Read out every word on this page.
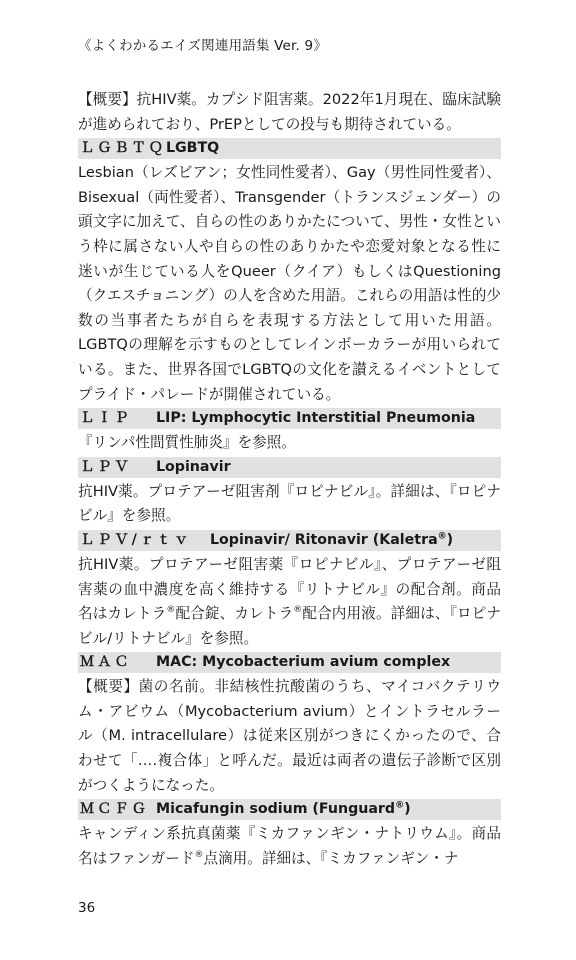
《よくわかるエイズ関連用語集 Ver. 9》

【概要】抗HIV薬。カプシド阻害薬。2022年1月現在、臨床試験が進められており、PrEPとしての投与も期待されている。

ＬＧＢＴＱ LGBTQ

Lesbian（レズビアン；女性同性愛者）、Gay（男性同性愛者）、Bisexual（両性愛者）、Transgender（トランスジェンダー）の頭文字に加えて、自らの性のありかたについて、男性・女性という枠に属さない人や自らの性のありかたや恋愛対象となる性に迷いが生じている人をQueer（クイア）もしくはQuestioning（クエスチョニング）の人を含めた用語。これらの用語は性的少数の当事者たちが自らを表現する方法として用いた用語。LGBTQの理解を示すものとしてレインボーカラーが用いられている。また、世界各国でLGBTQの文化を讃えるイベントとしてプライド・パレードが開催されている。

ＬＩＰ	LIP: Lymphocytic Interstitial Pneumonia

『リンパ性間質性肺炎』を参照。

ＬＰＶ	Lopinavir

抗HIV薬。プロテアーゼ阻害剤『ロピナビル』。詳細は、『ロピナビル』を参照。

ＬＰＶ/ｒｔｖ	Lopinavir/ Ritonavir (Kaletra®)

抗HIV薬。プロテアーゼ阻害薬『ロピナビル』、プロテアーゼ阻害薬の血中濃度を高く維持する『リトナビル』の配合剤。商品名はカレトラ®配合錠、カレトラ®配合内用液。詳細は、『ロピナビル/リトナビル』を参照。

ＭＡＣ	MAC: Mycobacterium avium complex

【概要】菌の名前。非結核性抗酸菌のうち、マイコバクテリウム・アビウム（Mycobacterium avium）とイントラセルラール（M. intracellulare）は従来区別がつきにくかったので、合わせて「‥‥複合体」と呼んだ。最近は両者の遺伝子診断で区別がつくようになった。

ＭＣＦＧ Micafungin sodium (Funguard®)

キャンディン系抗真菌薬『ミカファンギン・ナトリウム』。商品名はファンガード®点滴用。詳細は、『ミカファンギン・ナ

36
